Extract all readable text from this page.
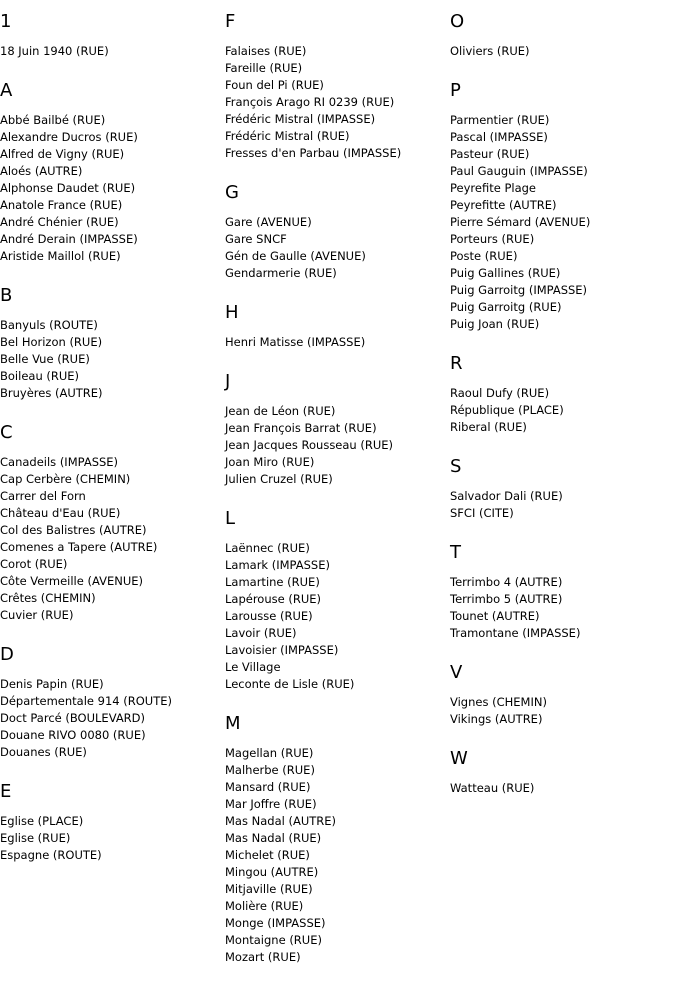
1
18 Juin 1940 (RUE)
A
Abbé Bailbé (RUE)
Alexandre Ducros (RUE)
Alfred de Vigny (RUE)
Aloés (AUTRE)
Alphonse Daudet (RUE)
Anatole France (RUE)
André Chénier (RUE)
André Derain (IMPASSE)
Aristide Maillol (RUE)
B
Banyuls (ROUTE)
Bel Horizon (RUE)
Belle Vue (RUE)
Boileau (RUE)
Bruyères (AUTRE)
C
Canadeils (IMPASSE)
Cap Cerbère (CHEMIN)
Carrer del Forn
Château d'Eau (RUE)
Col des Balistres (AUTRE)
Comenes a Tapere (AUTRE)
Corot (RUE)
Côte Vermeille (AVENUE)
Crêtes (CHEMIN)
Cuvier (RUE)
D
Denis Papin (RUE)
Départementale 914 (ROUTE)
Doct Parcé (BOULEVARD)
Douane RIVO 0080 (RUE)
Douanes (RUE)
E
Eglise (PLACE)
Eglise (RUE)
Espagne (ROUTE)
F
Falaises (RUE)
Fareille (RUE)
Foun del Pi (RUE)
François Arago RI 0239 (RUE)
Frédéric Mistral (IMPASSE)
Frédéric Mistral (RUE)
Fresses d'en Parbau (IMPASSE)
G
Gare (AVENUE)
Gare SNCF
Gén de Gaulle (AVENUE)
Gendarmerie (RUE)
H
Henri Matisse (IMPASSE)
J
Jean de Léon (RUE)
Jean François Barrat (RUE)
Jean Jacques Rousseau (RUE)
Joan Miro (RUE)
Julien Cruzel (RUE)
L
Laënnec (RUE)
Lamark (IMPASSE)
Lamartine (RUE)
Lapérouse (RUE)
Larousse (RUE)
Lavoir (RUE)
Lavoisier (IMPASSE)
Le Village
Leconte de Lisle (RUE)
M
Magellan (RUE)
Malherbe (RUE)
Mansard (RUE)
Mar Joffre (RUE)
Mas Nadal (AUTRE)
Mas Nadal (RUE)
Michelet (RUE)
Mingou (AUTRE)
Mitjaville (RUE)
Molière (RUE)
Monge (IMPASSE)
Montaigne (RUE)
Mozart (RUE)
O
Oliviers (RUE)
P
Parmentier (RUE)
Pascal (IMPASSE)
Pasteur (RUE)
Paul Gauguin (IMPASSE)
Peyrefite Plage
Peyrefitte (AUTRE)
Pierre Sémard (AVENUE)
Porteurs (RUE)
Poste (RUE)
Puig Gallines (RUE)
Puig Garroitg (IMPASSE)
Puig Garroitg (RUE)
Puig Joan (RUE)
R
Raoul Dufy (RUE)
République (PLACE)
Riberal (RUE)
S
Salvador Dali (RUE)
SFCI (CITE)
T
Terrimbo 4 (AUTRE)
Terrimbo 5 (AUTRE)
Tounet (AUTRE)
Tramontane (IMPASSE)
V
Vignes (CHEMIN)
Vikings (AUTRE)
W
Watteau (RUE)
